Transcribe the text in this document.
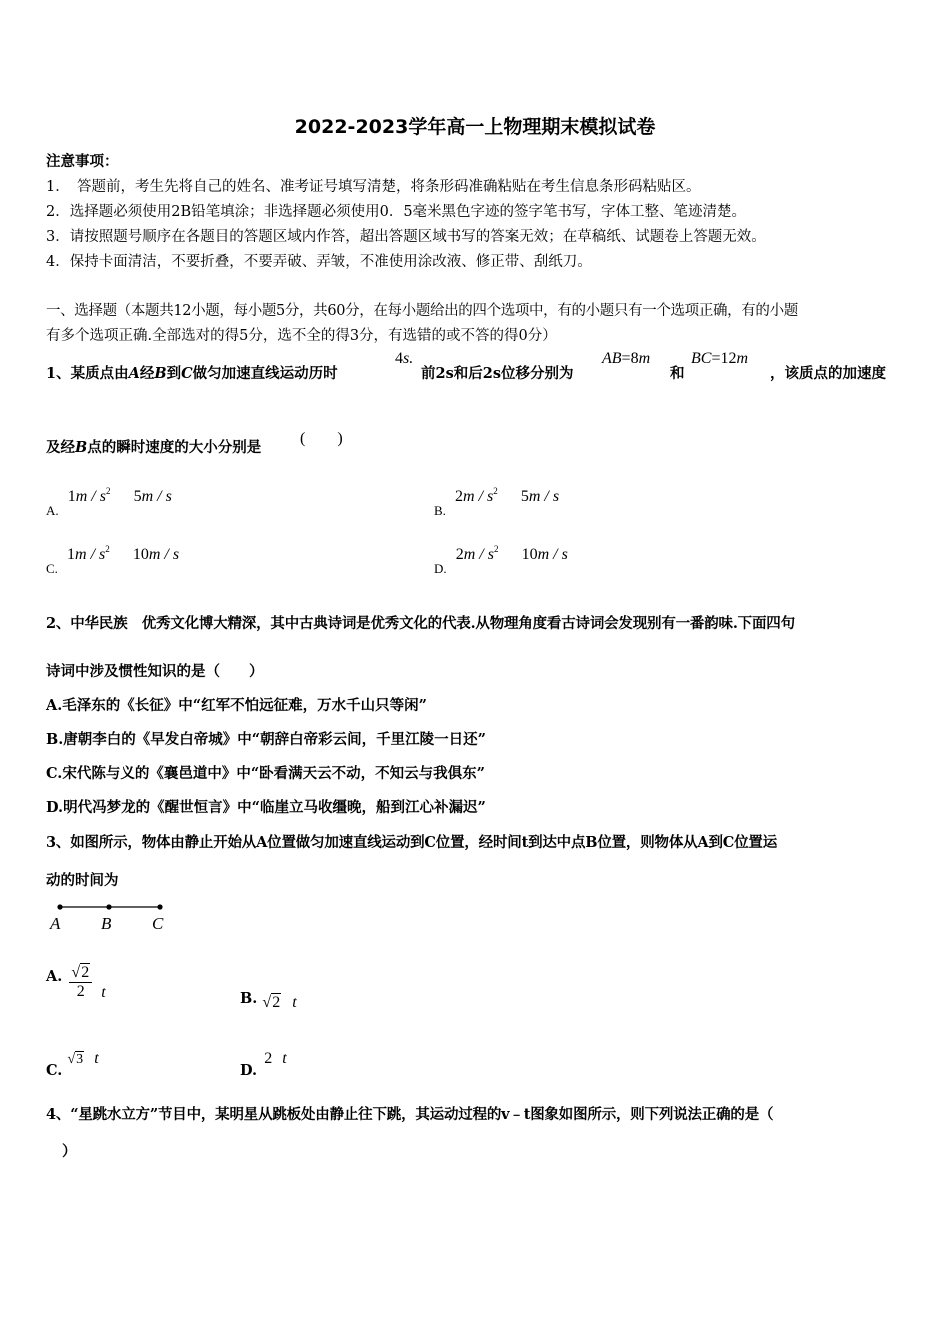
2022-2023学年高一上物理期末模拟试卷
注意事项：
1．　答题前，考生先将自己的姓名、准考证号填写清楚，将条形码准确粘贴在考生信息条形码粘贴区。
2．选择题必须使用2B铅笔填涂；非选择题必须使用0．5毫米黑色字迹的签字笔书写，字体工整、笔迹清楚。
3．请按照题号顺序在各题目的答题区域内作答，超出答题区域书写的答案无效；在草稿纸、试题卷上答题无效。
4．保持卡面清洁，不要折叠，不要弄破、弄皱，不准使用涂改液、修正带、刮纸刀。
一、选择题（本题共12小题，每小题5分，共60分，在每小题给出的四个选项中，有的小题只有一个选项正确，有的小题
有多个选项正确.全部选对的得5分，选不全的得3分，有选错的或不答的得0分）
1、某质点由A经B到C做匀加速直线运动历时
4s.
前2s和后2s位移分别为
AB=8m
和
BC=12m
，该质点的加速度
及经B点的瞬时速度的大小分别是
(　　)
$_{A.}$ $1m / s^2$ 5m / s
$_{B.}$ $2m / s^2$ 5m / s
$_{C.}$ $1m / s^2$ 10m / s
$_{D.}$ $2m / s^2$ 10m / s
2、中华民族　优秀文化博大精深，其中古典诗词是优秀文化的代表.从物理角度看古诗词会发现别有一番韵味.下面四句
诗词中涉及惯性知识的是（　　）
A.毛泽东的《长征》中“红军不怕远征难，万水千山只等闲”
B.唐朝李白的《早发白帝城》中“朝辞白帝彩云间，千里江陵一日还”
C.宋代陈与义的《襄邑道中》中“卧看满天云不动，不知云与我俱东”
D.明代冯梦龙的《醒世恒言》中“临崖立马收缰晚，船到江心补漏迟”
3、如图所示，物体由静止开始从A位置做匀加速直线运动到C位置，经时间t到达中点B位置，则物体从A到C位置运
动的时间为
A B C
A. $\frac{√2}{2}$ t	B. √2 t
C. √3 t
D. 2 t
4、“星跳水立方”节目中，某明星从跳板处由静止往下跳，其运动过程的v﹣t图象如图所示，则下列说法正确的是（
）
